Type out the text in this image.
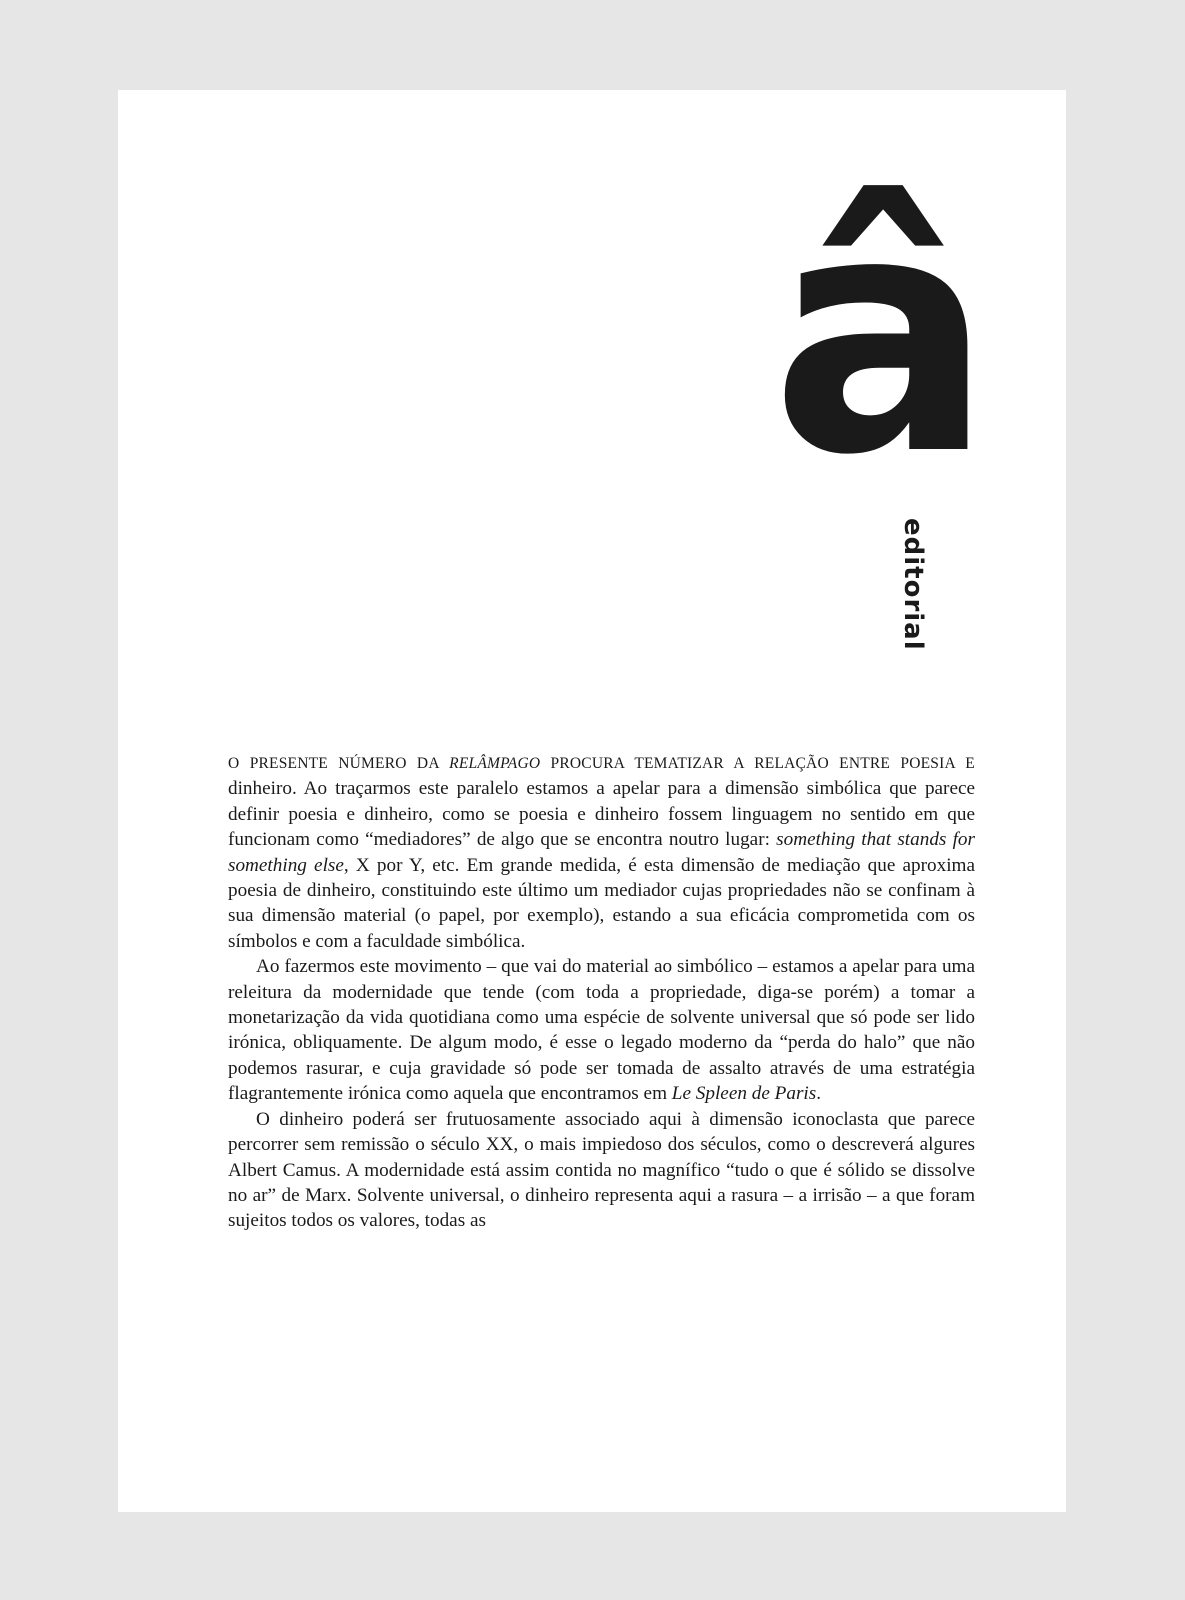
â
editorial

O PRESENTE NÚMERO DA RELÂMPAGO PROCURA TEMATIZAR A RELAÇÃO ENTRE POESIA E dinheiro. Ao traçarmos este paralelo estamos a apelar para a dimensão simbólica que parece definir poesia e dinheiro, como se poesia e dinheiro fossem linguagem no sentido em que funcionam como “mediadores” de algo que se encontra noutro lugar: something that stands for something else, X por Y, etc. Em grande medida, é esta dimensão de mediação que aproxima poesia de dinheiro, constituindo este último um mediador cujas propriedades não se confinam à sua dimensão material (o papel, por exemplo), estando a sua eficácia comprometida com os símbolos e com a faculdade simbólica.

Ao fazermos este movimento – que vai do material ao simbólico – estamos a apelar para uma releitura da modernidade que tende (com toda a propriedade, diga-se porém) a tomar a monetarização da vida quotidiana como uma espécie de solvente universal que só pode ser lido irónica, obliquamente. De algum modo, é esse o legado moderno da “perda do halo” que não podemos rasurar, e cuja gravidade só pode ser tomada de assalto através de uma estratégia flagrantemente irónica como aquela que encontramos em Le Spleen de Paris.

O dinheiro poderá ser frutuosamente associado aqui à dimensão iconoclasta que parece percorrer sem remissão o século XX, o mais impiedoso dos séculos, como o descreverá algures Albert Camus. A modernidade está assim contida no magnífico “tudo o que é sólido se dissolve no ar” de Marx. Solvente universal, o dinheiro representa aqui a rasura – a irrisão – a que foram sujeitos todos os valores, todas as
